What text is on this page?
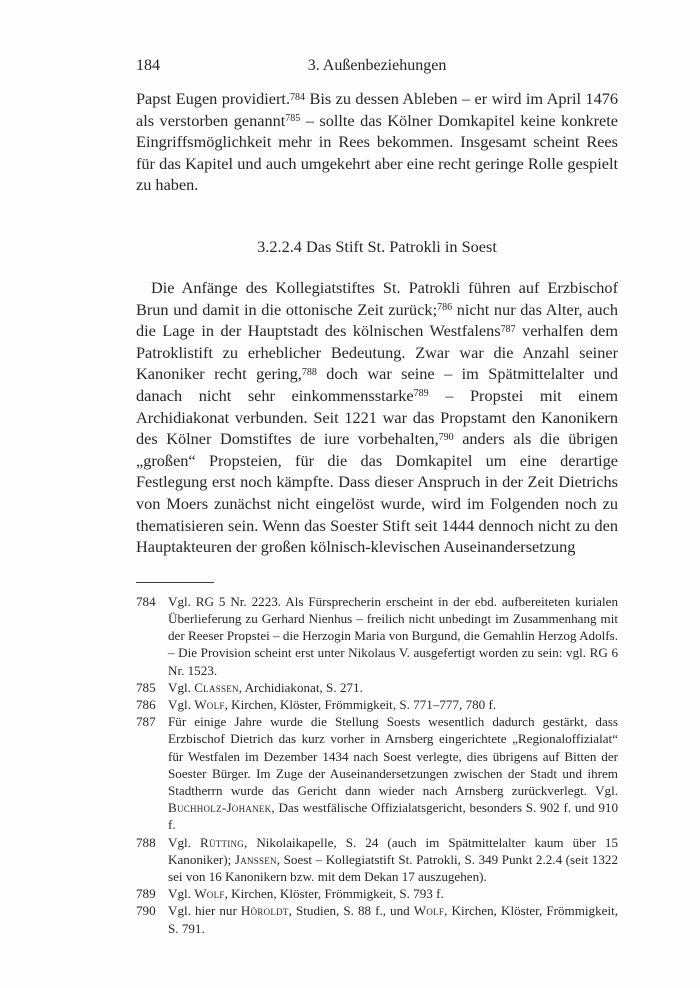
184	3. Außenbeziehungen

Papst Eugen providiert.$^{784}$ Bis zu dessen Ableben – er wird im April 1476 als verstorben genannt$^{785}$ – sollte das Kölner Domkapitel keine konkrete Eingriffsmöglichkeit mehr in Rees bekommen. Insgesamt scheint Rees für das Kapitel und auch umgekehrt aber eine recht geringe Rolle gespielt zu haben.

3.2.2.4 Das Stift St. Patrokli in Soest

Die Anfänge des Kollegiatstiftes St. Patrokli führen auf Erzbischof Brun und damit in die ottonische Zeit zurück;$^{786}$ nicht nur das Alter, auch die Lage in der Hauptstadt des kölnischen Westfalens$^{787}$ verhalfen dem Patroklistift zu erheblicher Bedeutung. Zwar war die Anzahl seiner Kanoniker recht gering,$^{788}$ doch war seine – im Spätmittelalter und danach nicht sehr einkommensstarke$^{789}$ – Propstei mit einem Archidiakonat verbunden. Seit 1221 war das Propstamt den Kanonikern des Kölner Domstiftes de iure vorbehalten,$^{790}$ anders als die übrigen „großen“ Propsteien, für die das Domkapitel um eine derartige Festlegung erst noch kämpfte. Dass dieser Anspruch in der Zeit Dietrichs von Moers zunächst nicht eingelöst wurde, wird im Folgenden noch zu thematisieren sein. Wenn das Soester Stift seit 1444 dennoch nicht zu den Hauptakteuren der großen kölnisch-klevischen Auseinandersetzung

784 Vgl. RG 5 Nr. 2223. Als Fürsprecherin erscheint in der ebd. aufbereiteten kurialen Überlieferung zu Gerhard Nienhus – freilich nicht unbedingt im Zusammenhang mit der Reeser Propstei – die Herzogin Maria von Burgund, die Gemahlin Herzog Adolfs. – Die Provision scheint erst unter Nikolaus V. ausgefertigt worden zu sein: vgl. RG 6 Nr. 1523.
785 Vgl. Classen, Archidiakonat, S. 271.
786 Vgl. Wolf, Kirchen, Klöster, Frömmigkeit, S. 771–777, 780 f.
787 Für einige Jahre wurde die Stellung Soests wesentlich dadurch gestärkt, dass Erzbischof Dietrich das kurz vorher in Arnsberg eingerichtete „Regionaloffizialat“ für Westfalen im Dezember 1434 nach Soest verlegte, dies übrigens auf Bitten der Soester Bürger. Im Zuge der Auseinandersetzungen zwischen der Stadt und ihrem Stadtherrn wurde das Gericht dann wieder nach Arnsberg zurückverlegt. Vgl. Buchholz-Johanek, Das westfälische Offizialatsgericht, besonders S. 902 f. und 910 f.
788 Vgl. Rütting, Nikolaikapelle, S. 24 (auch im Spätmittelalter kaum über 15 Kanoniker); Janssen, Soest – Kollegiatstift St. Patrokli, S. 349 Punkt 2.2.4 (seit 1322 sei von 16 Kanonikern bzw. mit dem Dekan 17 auszugehen).
789 Vgl. Wolf, Kirchen, Klöster, Frömmigkeit, S. 793 f.
790 Vgl. hier nur Höroldt, Studien, S. 88 f., und Wolf, Kirchen, Klöster, Frömmigkeit, S. 791.
